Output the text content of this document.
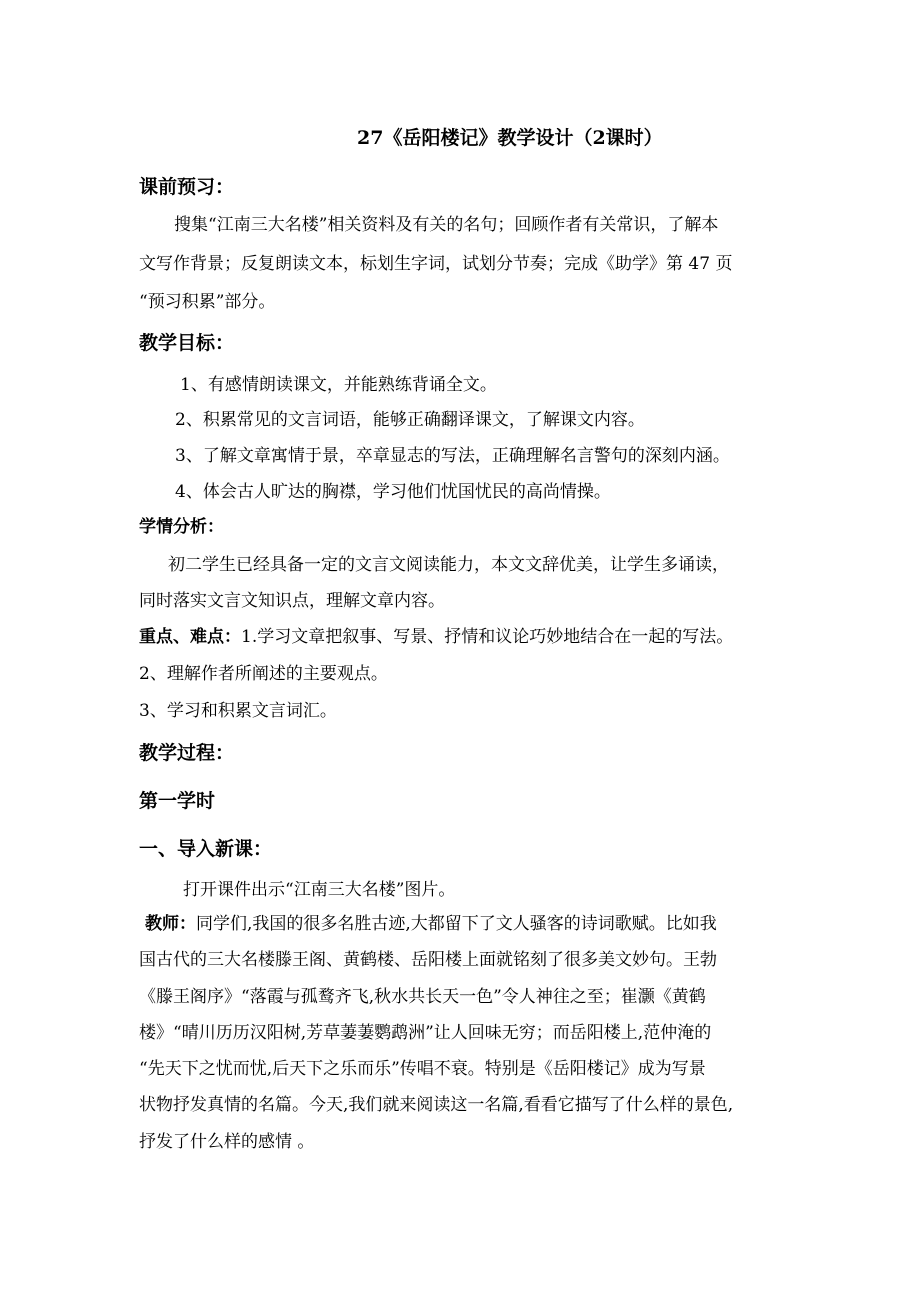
27《岳阳楼记》教学设计（2课时）

课前预习：

搜集“江南三大名楼”相关资料及有关的名句；回顾作者有关常识，了解本

文写作背景；反复朗读文本，标划生字词，试划分节奏；完成《助学》第 47 页

“预习积累”部分。

教学目标：

1、有感情朗读课文，并能熟练背诵全文。

2、积累常见的文言词语，能够正确翻译课文，了解课文内容。

3、了解文章寓情于景，卒章显志的写法，正确理解名言警句的深刻内涵。

4、体会古人旷达的胸襟，学习他们忧国忧民的高尚情操。

学情分析：

初二学生已经具备一定的文言文阅读能力，本文文辞优美，让学生多诵读，

同时落实文言文知识点，理解文章内容。

重点、难点：1.学习文章把叙事、写景、抒情和议论巧妙地结合在一起的写法。

2、理解作者所阐述的主要观点。

3、学习和积累文言词汇。

教学过程：

第一学时

一、导入新课：

打开课件出示“江南三大名楼”图片。

教师：同学们,我国的很多名胜古迹,大都留下了文人骚客的诗词歌赋。比如我

国古代的三大名楼滕王阁、黄鹤楼、岳阳楼上面就铭刻了很多美文妙句。王勃

《滕王阁序》“落霞与孤鹜齐飞,秋水共长天一色”令人神往之至；崔灏《黄鹤

楼》“晴川历历汉阳树,芳草萋萋鹦鹉洲”让人回味无穷；而岳阳楼上,范仲淹的

“先天下之忧而忧,后天下之乐而乐”传唱不衰。特别是《岳阳楼记》成为写景

状物抒发真情的名篇。今天,我们就来阅读这一名篇,看看它描写了什么样的景色,

抒发了什么样的感情 。
